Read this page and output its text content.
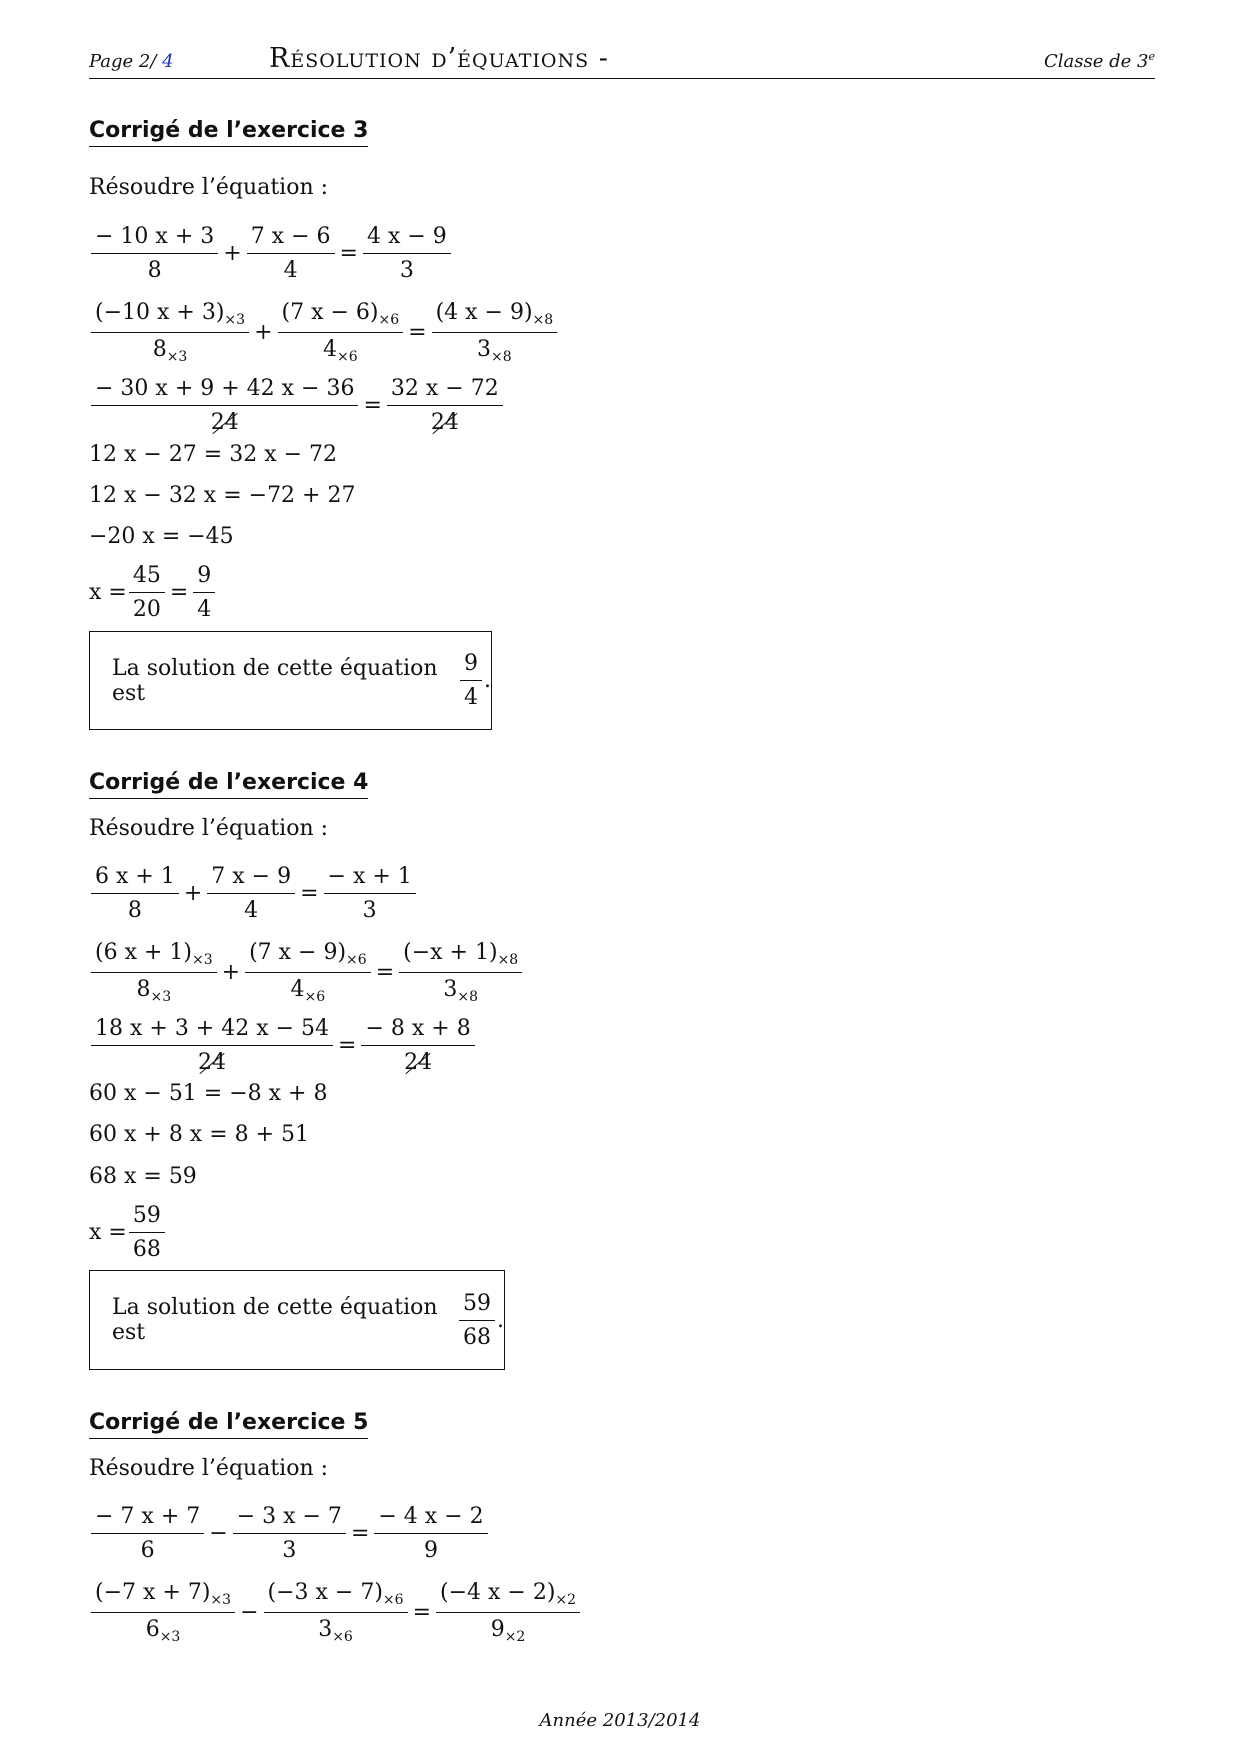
Page 2/ 4	Résolution d’équations -	Classe de 3e
Corrigé de l’exercice 3
Résoudre l’équation :
$\frac{- 10 x + 3}{8} + \frac{7 x - 6}{4} = \frac{4 x - 9}{3}$
$\frac{(-10 x + 3)_{\times 3}}{8_{\times 3}} + \frac{(7 x - 6)_{\times 6}}{4_{\times 6}} = \frac{(4 x - 9)_{\times 8}}{3_{\times 8}}$
$\frac{- 30 x + 9 + 42 x - 36}{24} = \frac{32 x - 72}{24}$
12 x − 27 = 32 x − 72
12 x − 32 x = −72 + 27
−20 x = −45
$x = \frac{45}{20} = \frac{9}{4}$
La solution de cette équation est
	$\frac{9}{4}$ .
Corrigé de l’exercice 4
Résoudre l’équation :
$\frac{6 x + 1}{8} + \frac{7 x - 9}{4} = \frac{- x + 1}{3}$
$\frac{(6 x + 1)_{\times 3}}{8_{\times 3}} + \frac{(7 x - 9)_{\times 6}}{4_{\times 6}} = \frac{(-x + 1)_{\times 8}}{3_{\times 8}}$
$\frac{18 x + 3 + 42 x - 54}{24} = \frac{- 8 x + 8}{24}$
60 x − 51 = −8 x + 8
60 x + 8 x = 8 + 51
68 x = 59
$x = \frac{59}{68}$
La solution de cette équation est
	$\frac{59}{68}$ .
Corrigé de l’exercice 5
Résoudre l’équation :
$\frac{- 7 x + 7}{6} - \frac{- 3 x - 7}{3} = \frac{- 4 x - 2}{9}$
$\frac{(-7 x + 7)_{\times 3}}{6_{\times 3}} - \frac{(-3 x - 7)_{\times 6}}{3_{\times 6}} = \frac{(-4 x - 2)_{\times 2}}{9_{\times 2}}$
Année 2013/2014
